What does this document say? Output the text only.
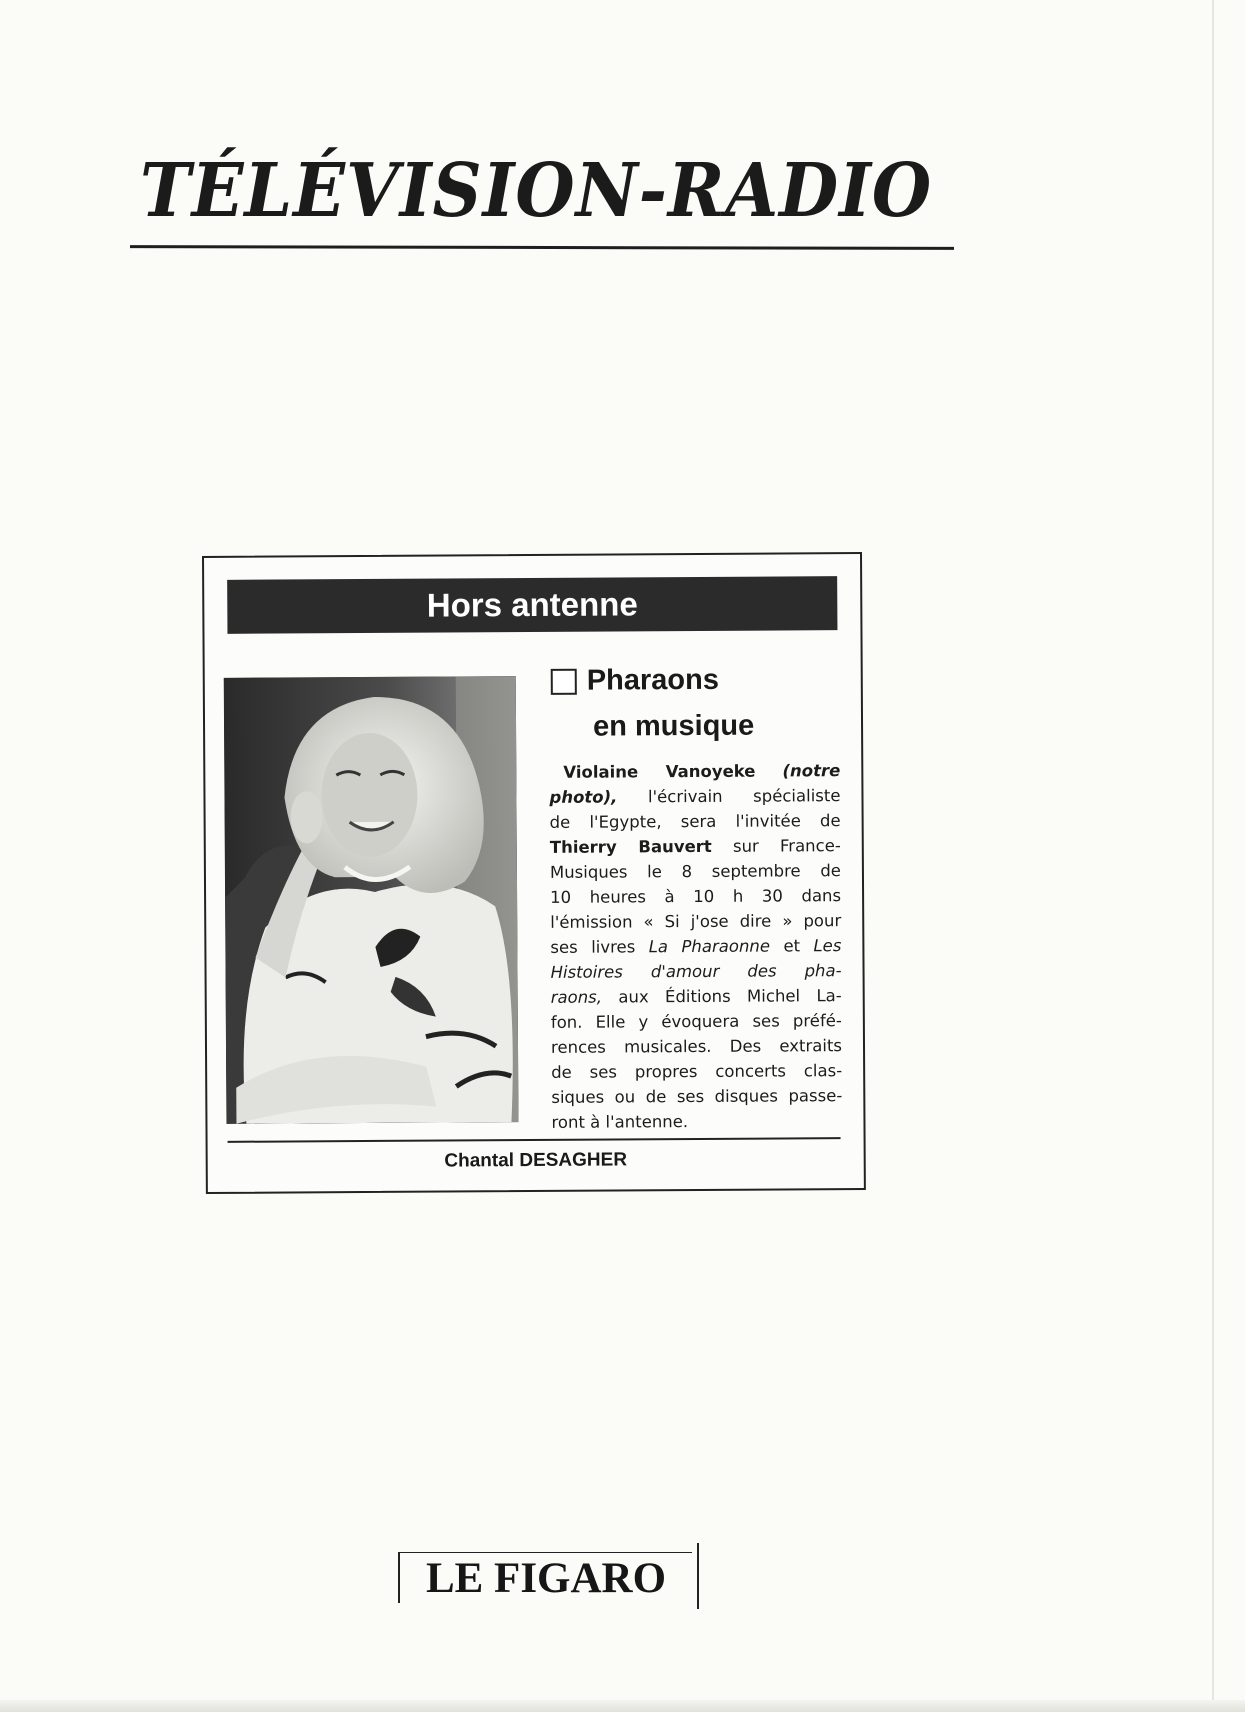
TÉLÉVISION-RADIO
Hors antenne
Pharaons
en musique
Violaine Vanoyeke (notre
photo), l'écrivain spécialiste
de l'Egypte, sera l'invitée de
Thierry Bauvert sur France-
Musiques le 8 septembre de
10 heures à 10 h 30 dans
l'émission « Si j'ose dire » pour
ses livres La Pharaonne et Les
Histoires d'amour des pha-
raons, aux Éditions Michel La-
fon. Elle y évoquera ses préfé-
rences musicales. Des extraits
de ses propres concerts clas-
siques ou de ses disques passe-
ront à l'antenne.
Chantal DESAGHER
LE FIGARO
